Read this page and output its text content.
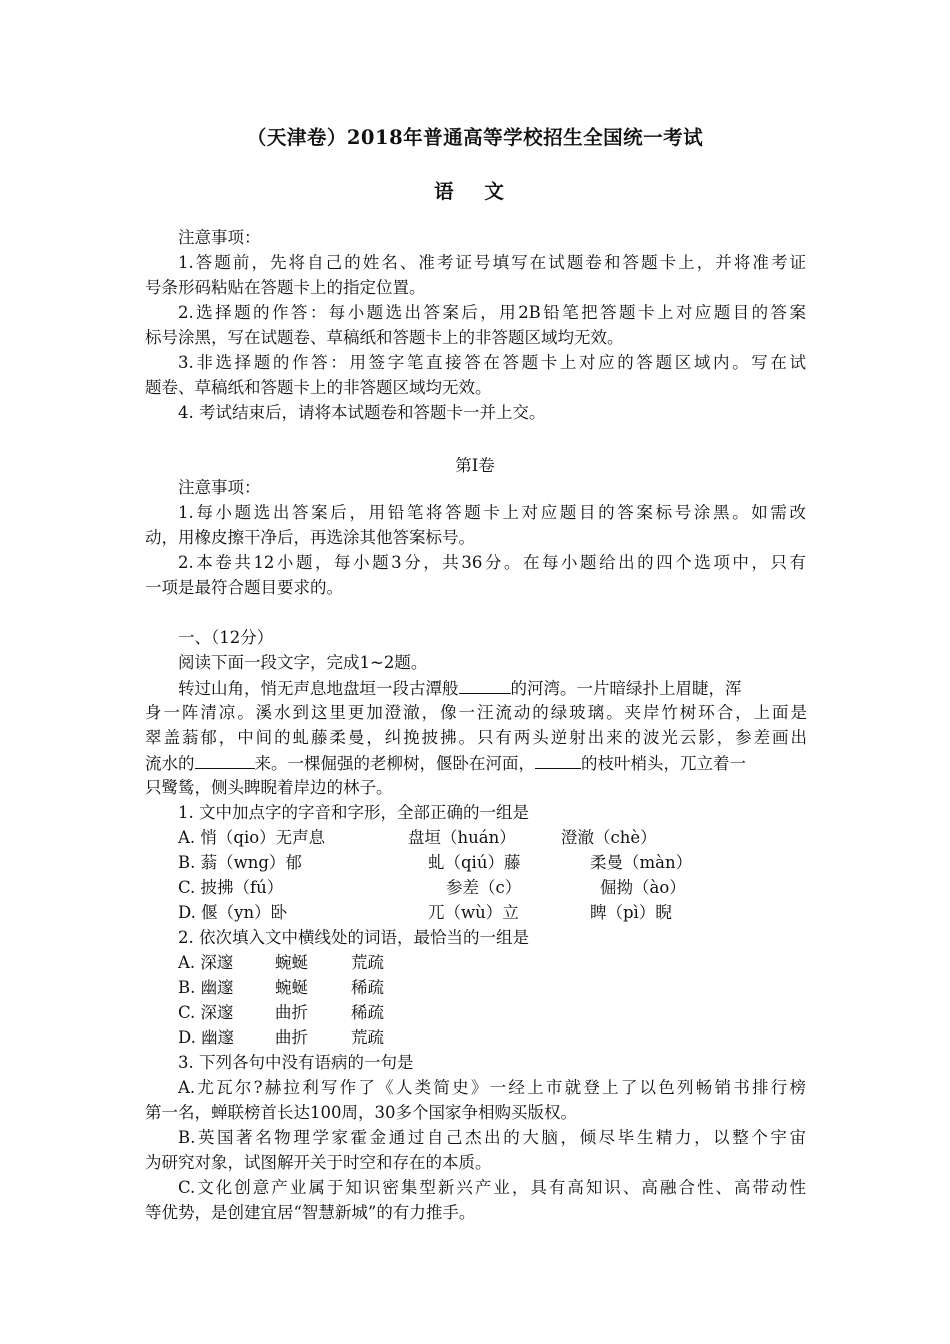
（天津卷）2018年普通高等学校招生全国统一考试
语 文
注意事项：
1.答题前，先将自己的姓名、准考证号填写在试题卷和答题卡上，并将准考证
号条形码粘贴在答题卡上的指定位置。
2.选择题的作答：每小题选出答案后，用2B铅笔把答题卡上对应题目的答案
标号涂黑，写在试题卷、草稿纸和答题卡上的非答题区域均无效。
3.非选择题的作答：用签字笔直接答在答题卡上对应的答题区域内。写在试
题卷、草稿纸和答题卡上的非答题区域均无效。
4. 考试结束后，请将本试题卷和答题卡一并上交。
第Ⅰ卷
注意事项：
1.每小题选出答案后，用铅笔将答题卡上对应题目的答案标号涂黑。如需改
动，用橡皮擦干净后，再选涂其他答案标号。
2.本卷共12小题，每小题3分，共36分。在每小题给出的四个选项中，只有
一项是最符合题目要求的。
一、（12分）
阅读下面一段文字，完成1~2题。
转过山角，悄无声息地盘垣一段古潭般	的河湾。一片暗绿扑上眉睫，浑
身一阵清凉。溪水到这里更加澄澈，像一汪流动的绿玻璃。夹岸竹树环合，上面是
翠盖蓊郁，中间的虬藤柔曼，纠挽披拂。只有两头逆射出来的波光云影，参差画出
流水的	来。一棵倔强的老柳树，偃卧在河面，	的枝叶梢头，兀立着一
只鹭鸶，侧头睥睨着岸边的林子。
1. 文中加点字的字音和字形，全部正确的一组是
A. 悄（qio）无声息	盘垣（huán）	澄澈（chè）
B. 蓊（wng）郁	虬（qiú）藤	柔曼（màn）
C. 披拂（fú）	参差（c）	倔拗（ào）
D. 偃（yn）卧	兀（wù）立	睥（pì）睨
2. 依次填入文中横线处的词语，最恰当的一组是
A. 深邃	蜿蜒	荒疏
B. 幽邃	蜿蜒	稀疏
C. 深邃	曲折	稀疏
D. 幽邃 曲折	荒疏
3. 下列各句中没有语病的一句是
A.尤瓦尔?赫拉利写作了《人类简史》一经上市就登上了以色列畅销书排行榜
第一名，蝉联榜首长达100周，30多个国家争相购买版权。
B.英国著名物理学家霍金通过自己杰出的大脑，倾尽毕生精力，以整个宇宙
为研究对象，试图解开关于时空和存在的本质。
C.文化创意产业属于知识密集型新兴产业，具有高知识、高融合性、高带动性
等优势，是创建宜居“智慧新城”的有力推手。
